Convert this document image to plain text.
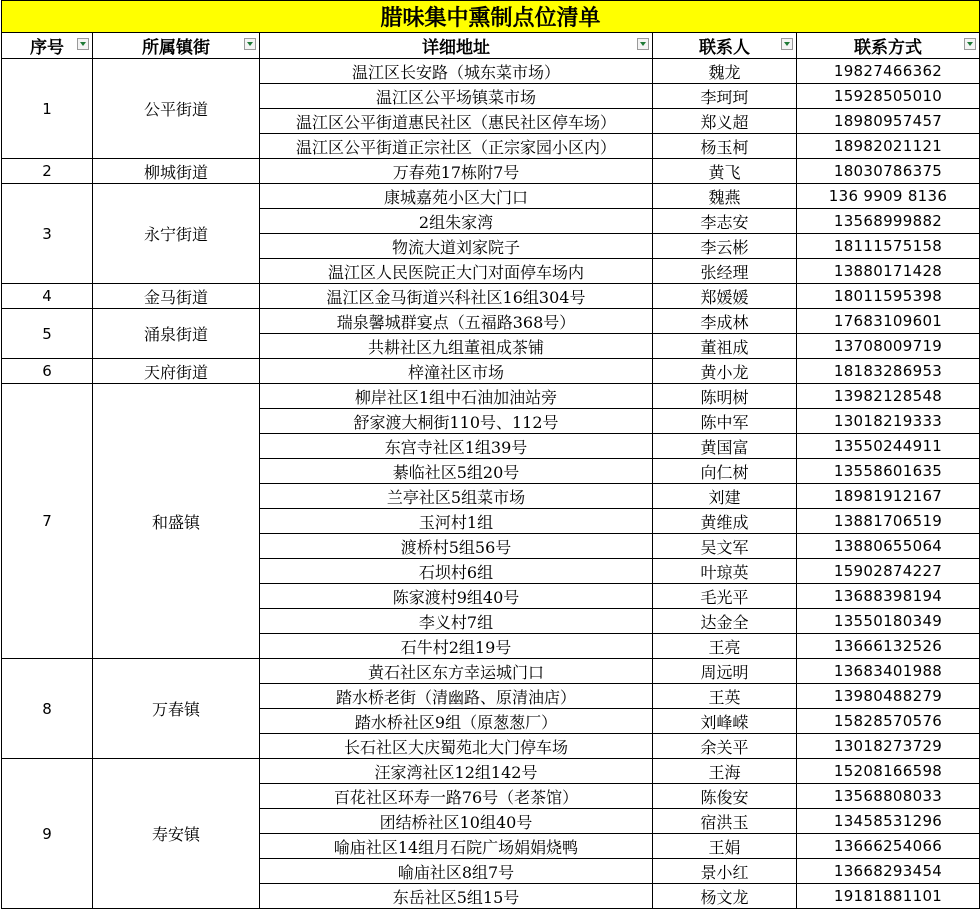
腊味集中熏制点位清单				
序号	所属镇街	详细地址	联系人	联系方式

1	公平街道	温江区长安路（城东菜市场）	魏龙	19827466362
		温江区公平场镇菜市场	李珂珂	15928505010
		温江区公平街道惠民社区（惠民社区停车场）	郑义超	18980957457
		温江区公平街道正宗社区（正宗家园小区内）	杨玉柯	18982021121
2	柳城街道	万春苑17栋附7号	黄飞	18030786375
3	永宁街道	康城嘉苑小区大门口	魏燕	136 9909 8136
		2组朱家湾	李志安	13568999882
		物流大道刘家院子	李云彬	18111575158
		温江区人民医院正大门对面停车场内	张经理	13880171428
4	金马街道	温江区金马街道兴科社区16组304号	郑媛媛	18011595398
5	涌泉街道	瑞泉馨城群宴点（五福路368号）	李成林	17683109601
		共耕社区九组董祖成茶铺	董祖成	13708009719
6	天府街道	梓潼社区市场	黄小龙	18183286953
7	和盛镇	柳岸社区1组中石油加油站旁	陈明树	13982128548
		舒家渡大桐街110号、112号	陈中军	13018219333
		东宫寺社区1组39号	黄国富	13550244911
		綦临社区5组20号	向仁树	13558601635
		兰亭社区5组菜市场	刘建	18981912167
		玉河村1组	黄维成	13881706519
		渡桥村5组56号	吴文军	13880655064
		石坝村6组	叶琼英	15902874227
		陈家渡村9组40号	毛光平	13688398194
		李义村7组	达金全	13550180349
		石牛村2组19号	王亮	13666132526
8	万春镇	黄石社区东方幸运城门口	周远明	13683401988
		踏水桥老街（清幽路、原清油店）	王英	13980488279
		踏水桥社区9组（原葱葱厂）	刘峰嵘	15828570576
		长石社区大庆蜀苑北大门停车场	余关平	13018273729
9	寿安镇	汪家湾社区12组142号	王海	15208166598
		百花社区环寿一路76号（老茶馆）	陈俊安	13568808033
		团结桥社区10组40号	宿洪玉	13458531296
		喻庙社区14组月石院广场娟娟烧鸭	王娟	13666254066
		喻庙社区8组7号	景小红	13668293454
		东岳社区5组15号	杨文龙	19181881101
